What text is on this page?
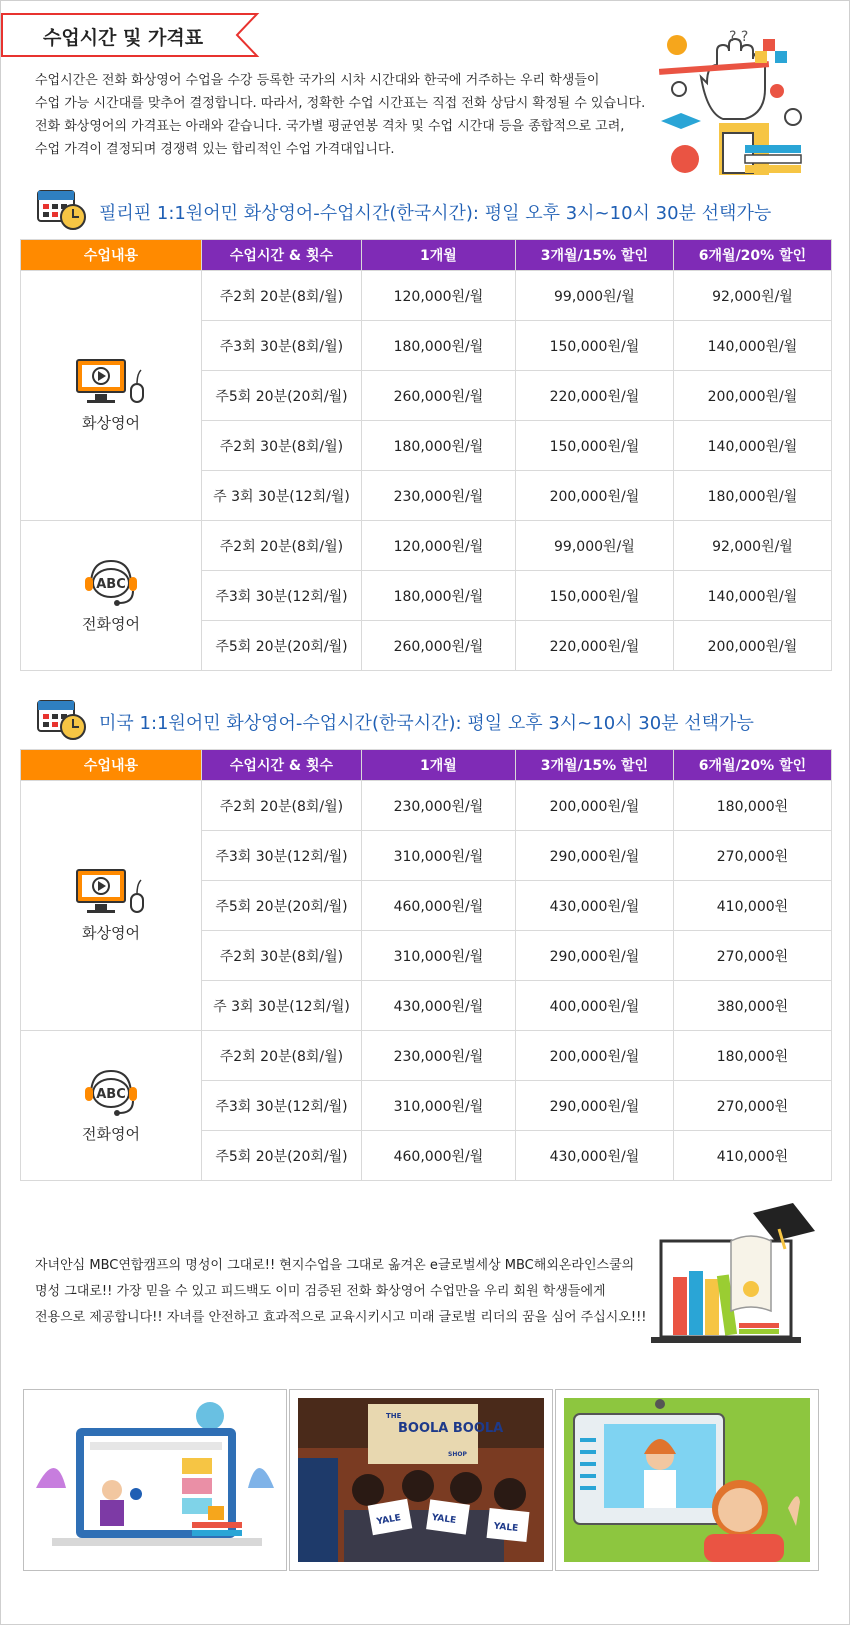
수업시간 및 가격표
수업시간은 전화 화상영어 수업을 수강 등록한 국가의 시차 시간대와 한국에 거주하는 우리 학생들이
수업 가능 시간대를 맞추어 결정합니다. 따라서, 정확한 수업 시간표는 직접 전화 상담시 확정될 수 있습니다.
전화 화상영어의 가격표는 아래와 같습니다. 국가별 평균연봉 격차 및 수업 시간대 등을 종합적으로 고려,
수업 가격이 결정되며 경쟁력 있는 합리적인 수업 가격대입니다.
? ?
필리핀 1:1원어민 화상영어-수업시간(한국시간): 평일 오후 3시~10시 30분 선택가능
수업내용	수업시간 & 횟수	1개월	3개월/15% 할인	6개월/20% 할인

화상영어	주2회 20분(8회/월)	120,000원/월	99,000원/월	92,000원/월
	주3회 30분(8회/월)	180,000원/월	150,000원/월	140,000원/월
	주5회 20분(20회/월)	260,000원/월	220,000원/월	200,000원/월
	주2회 30분(8회/월)	180,000원/월	150,000원/월	140,000원/월
	주 3회 30분(12회/월)	230,000원/월	200,000원/월	180,000원/월

ABC
전화영어	주2회 20분(8회/월)	120,000원/월	99,000원/월	92,000원/월
	주3회 30분(12회/월)	180,000원/월	150,000원/월	140,000원/월
	주5회 20분(20회/월)	260,000원/월	220,000원/월	200,000원/월
미국 1:1원어민 화상영어-수업시간(한국시간): 평일 오후 3시~10시 30분 선택가능
수업내용	수업시간 & 횟수	1개월	3개월/15% 할인	6개월/20% 할인

화상영어	주2회 20분(8회/월)	230,000원/월	200,000원/월	180,000원
	주3회 30분(12회/월)	310,000원/월	290,000원/월	270,000원
	주5회 20분(20회/월)	460,000원/월	430,000원/월	410,000원
	주2회 30분(8회/월)	310,000원/월	290,000원/월	270,000원
	주 3회 30분(12회/월)	430,000원/월	400,000원/월	380,000원

ABC
전화영어	주2회 20분(8회/월)	230,000원/월	200,000원/월	180,000원
	주3회 30분(12회/월)	310,000원/월	290,000원/월	270,000원
	주5회 20분(20회/월)	460,000원/월	430,000원/월	410,000원
자녀안심 MBC연합캠프의 명성이 그대로!! 현지수업을 그대로 옮겨온 e글로벌세상 MBC해외온라인스쿨의
명성 그대로!! 가장 믿을 수 있고 피드백도 이미 검증된 전화 화상영어 수업만을 우리 회원 학생들에게
전용으로 제공합니다!! 자녀를 안전하고 효과적으로 교육시키시고 미래 글로벌 리더의 꿈을 심어 주십시오!!!
THE
BOOLA BOOLA
SHOP
YALE	YALE
YALE
